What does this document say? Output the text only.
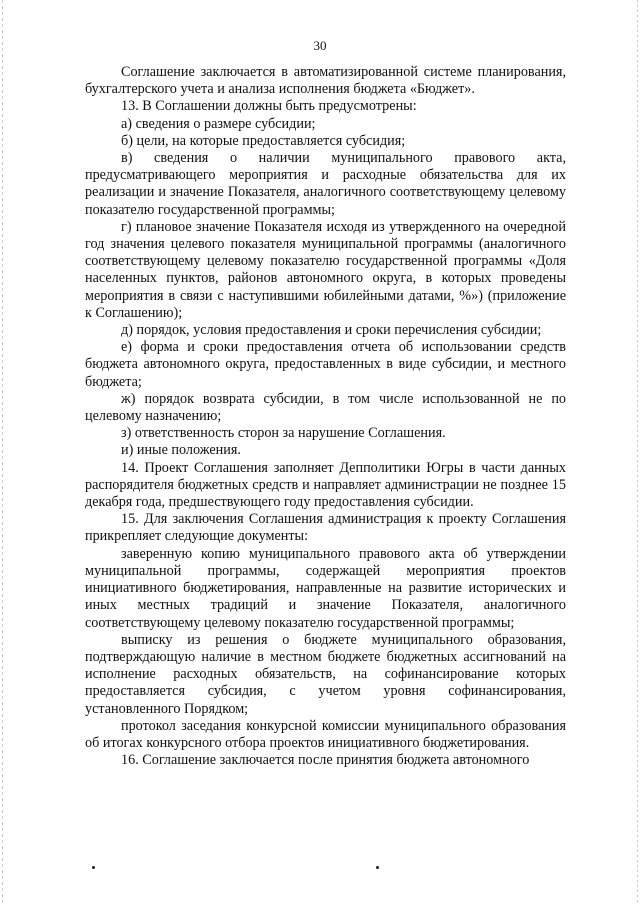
30

Соглашение заключается в автоматизированной системе планирования, бухгалтерского учета и анализа исполнения бюджета «Бюджет».

13. В Соглашении должны быть предусмотрены:

а) сведения о размере субсидии;

б) цели, на которые предоставляется субсидия;

в) сведения о наличии муниципального правового акта, предусматривающего мероприятия и расходные обязательства для их реализации и значение Показателя, аналогичного соответствующему целевому показателю государственной программы;

г) плановое значение Показателя исходя из утвержденного на очередной год значения целевого показателя муниципальной программы (аналогичного соответствующему целевому показателю государственной программы «Доля населенных пунктов, районов автономного округа, в которых проведены мероприятия в связи с наступившими юбилейными датами, %») (приложение к Соглашению);

д) порядок, условия предоставления и сроки перечисления субсидии;

е) форма и сроки предоставления отчета об использовании средств бюджета автономного округа, предоставленных в виде субсидии, и местного бюджета;

ж) порядок возврата субсидии, в том числе использованной не по целевому назначению;

з) ответственность сторон за нарушение Соглашения.

и) иные положения.

14. Проект Соглашения заполняет Депполитики Югры в части данных распорядителя бюджетных средств и направляет администрации не позднее 15 декабря года, предшествующего году предоставления субсидии.

15. Для заключения Соглашения администрация к проекту Соглашения прикрепляет следующие документы:

заверенную копию муниципального правового акта об утверждении муниципальной программы, содержащей мероприятия проектов инициативного бюджетирования, направленные на развитие исторических и иных местных традиций и значение Показателя, аналогичного соответствующему целевому показателю государственной программы;

выписку из решения о бюджете муниципального образования, подтверждающую наличие в местном бюджете бюджетных ассигнований на исполнение расходных обязательств, на софинансирование которых предоставляется субсидия, с учетом уровня софинансирования, установленного Порядком;

протокол заседания конкурсной комиссии муниципального образования об итогах конкурсного отбора проектов инициативного бюджетирования.

16. Соглашение заключается после принятия бюджета автономного
